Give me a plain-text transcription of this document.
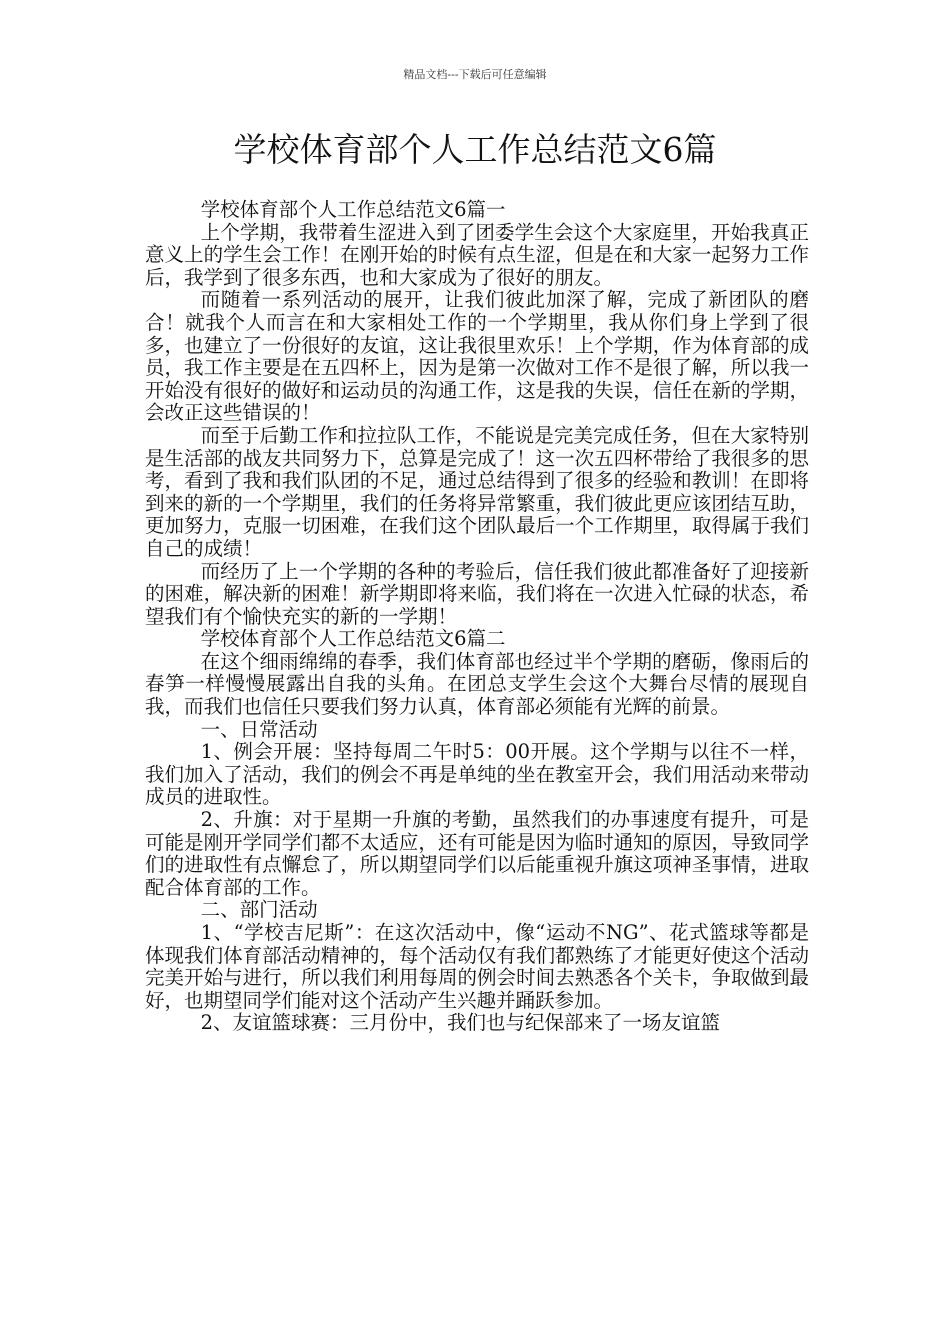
精品文档---下载后可任意编辑
学校体育部个人工作总结范文6篇

学校体育部个人工作总结范文6篇一

上个学期，我带着生涩进入到了团委学生会这个大家庭里，开始我真正意义上的学生会工作！在刚开始的时候有点生涩，但是在和大家一起努力工作后，我学到了很多东西，也和大家成为了很好的朋友。

而随着一系列活动的展开，让我们彼此加深了解，完成了新团队的磨合！就我个人而言在和大家相处工作的一个学期里，我从你们身上学到了很多，也建立了一份很好的友谊，这让我很里欢乐！上个学期，作为体育部的成员，我工作主要是在五四杯上，因为是第一次做对工作不是很了解，所以我一开始没有很好的做好和运动员的沟通工作，这是我的失误，信任在新的学期，会改正这些错误的！

而至于后勤工作和拉拉队工作，不能说是完美完成任务，但在大家特别是生活部的战友共同努力下，总算是完成了！这一次五四杯带给了我很多的思考，看到了我和我们队团的不足，通过总结得到了很多的经验和教训！在即将到来的新的一个学期里，我们的任务将异常繁重，我们彼此更应该团结互助，更加努力，克服一切困难，在我们这个团队最后一个工作期里，取得属于我们自己的成绩！

而经历了上一个学期的各种的考验后，信任我们彼此都准备好了迎接新的困难，解决新的困难！新学期即将来临，我们将在一次进入忙碌的状态，希望我们有个愉快充实的新的一学期！

学校体育部个人工作总结范文6篇二

在这个细雨绵绵的春季，我们体育部也经过半个学期的磨砺，像雨后的春笋一样慢慢展露出自我的头角。在团总支学生会这个大舞台尽情的展现自我，而我们也信任只要我们努力认真，体育部必须能有光辉的前景。

一、日常活动

1、例会开展：坚持每周二午时5：00开展。这个学期与以往不一样，我们加入了活动，我们的例会不再是单纯的坐在教室开会，我们用活动来带动成员的进取性。

2、升旗：对于星期一升旗的考勤，虽然我们的办事速度有提升，可是可能是刚开学同学们都不太适应，还有可能是因为临时通知的原因，导致同学们的进取性有点懈怠了，所以期望同学们以后能重视升旗这项神圣事情，进取配合体育部的工作。

二、部门活动

1、“学校吉尼斯”：在这次活动中，像“运动不NG”、花式篮球等都是体现我们体育部活动精神的，每个活动仅有我们都熟练了才能更好使这个活动完美开始与进行，所以我们利用每周的例会时间去熟悉各个关卡，争取做到最好，也期望同学们能对这个活动产生兴趣并踊跃参加。

2、友谊篮球赛：三月份中，我们也与纪保部来了一场友谊篮
